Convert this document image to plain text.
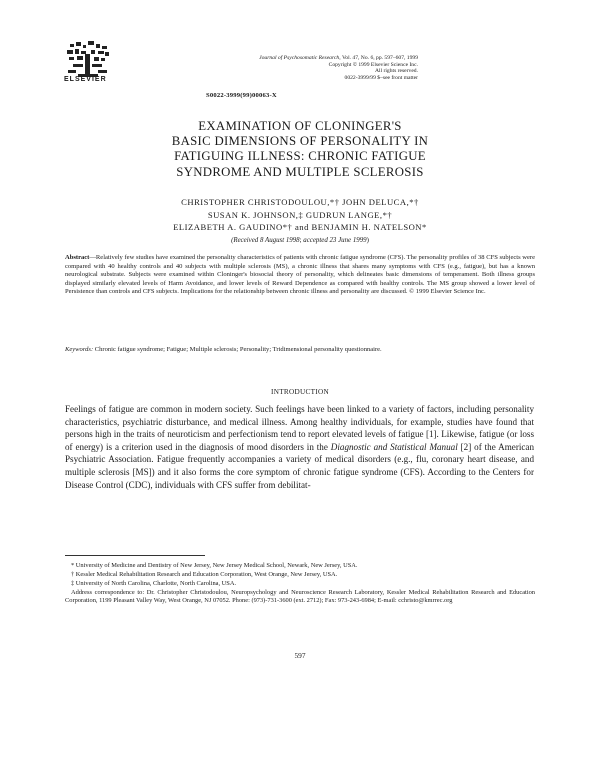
ELSEVIER
Journal of Psychosomatic Research, Vol. 47, No. 6, pp. 597–607, 1999
Copyright © 1999 Elsevier Science Inc.
All rights reserved.
0022-3999/99 $–see front matter
S0022-3999(99)00063-X
EXAMINATION OF CLONINGER'S
BASIC DIMENSIONS OF PERSONALITY IN
FATIGUING ILLNESS: CHRONIC FATIGUE
SYNDROME AND MULTIPLE SCLEROSIS
CHRISTOPHER CHRISTODOULOU,*† JOHN DELUCA,*†
SUSAN K. JOHNSON,‡ GUDRUN LANGE,*†
ELIZABETH A. GAUDINO*† and BENJAMIN H. NATELSON*
(Received 8 August 1998; accepted 23 June 1999)
Abstract—Relatively few studies have examined the personality characteristics of patients with chronic fatigue syndrome (CFS). The personality profiles of 38 CFS subjects were compared with 40 healthy controls and 40 subjects with multiple sclerosis (MS), a chronic illness that shares many symptoms with CFS (e.g., fatigue), but has a known neurological substrate. Subjects were examined within Cloninger's biosocial theory of personality, which delineates basic dimensions of temperament. Both illness groups displayed similarly elevated levels of Harm Avoidance, and lower levels of Reward Dependence as compared with healthy controls. The MS group showed a lower level of Persistence than controls and CFS subjects. Implications for the relationship between chronic illness and personality are discussed. © 1999 Elsevier Science Inc.
Keywords: Chronic fatigue syndrome; Fatigue; Multiple sclerosis; Personality; Tridimensional personality questionnaire.
INTRODUCTION
Feelings of fatigue are common in modern society. Such feelings have been linked to a variety of factors, including personality characteristics, psychiatric disturbance, and medical illness. Among healthy individuals, for example, studies have found that persons high in the traits of neuroticism and perfectionism tend to report elevated levels of fatigue [1]. Likewise, fatigue (or loss of energy) is a criterion used in the diagnosis of mood disorders in the Diagnostic and Statistical Manual [2] of the American Psychiatric Association. Fatigue frequently accompanies a variety of medical disorders (e.g., flu, coronary heart disease, and multiple sclerosis [MS]) and it also forms the core symptom of chronic fatigue syndrome (CFS). According to the Centers for Disease Control (CDC), individuals with CFS suffer from debilitat-

* University of Medicine and Dentistry of New Jersey, New Jersey Medical School, Newark, New Jersey, USA.

† Kessler Medical Rehabilitation Research and Education Corporation, West Orange, New Jersey, USA.

‡ University of North Carolina, Charlotte, North Carolina, USA.

Address correspondence to: Dr. Christopher Christodoulou, Neuropsychology and Neuroscience Research Laboratory, Kessler Medical Rehabilitation Research and Education Corporation, 1199 Pleasant Valley Way, West Orange, NJ 07052. Phone: (973)-731-3600 (ext. 2712); Fax: 973-243-6984; E-mail: cchristo@kmrrec.org

597
